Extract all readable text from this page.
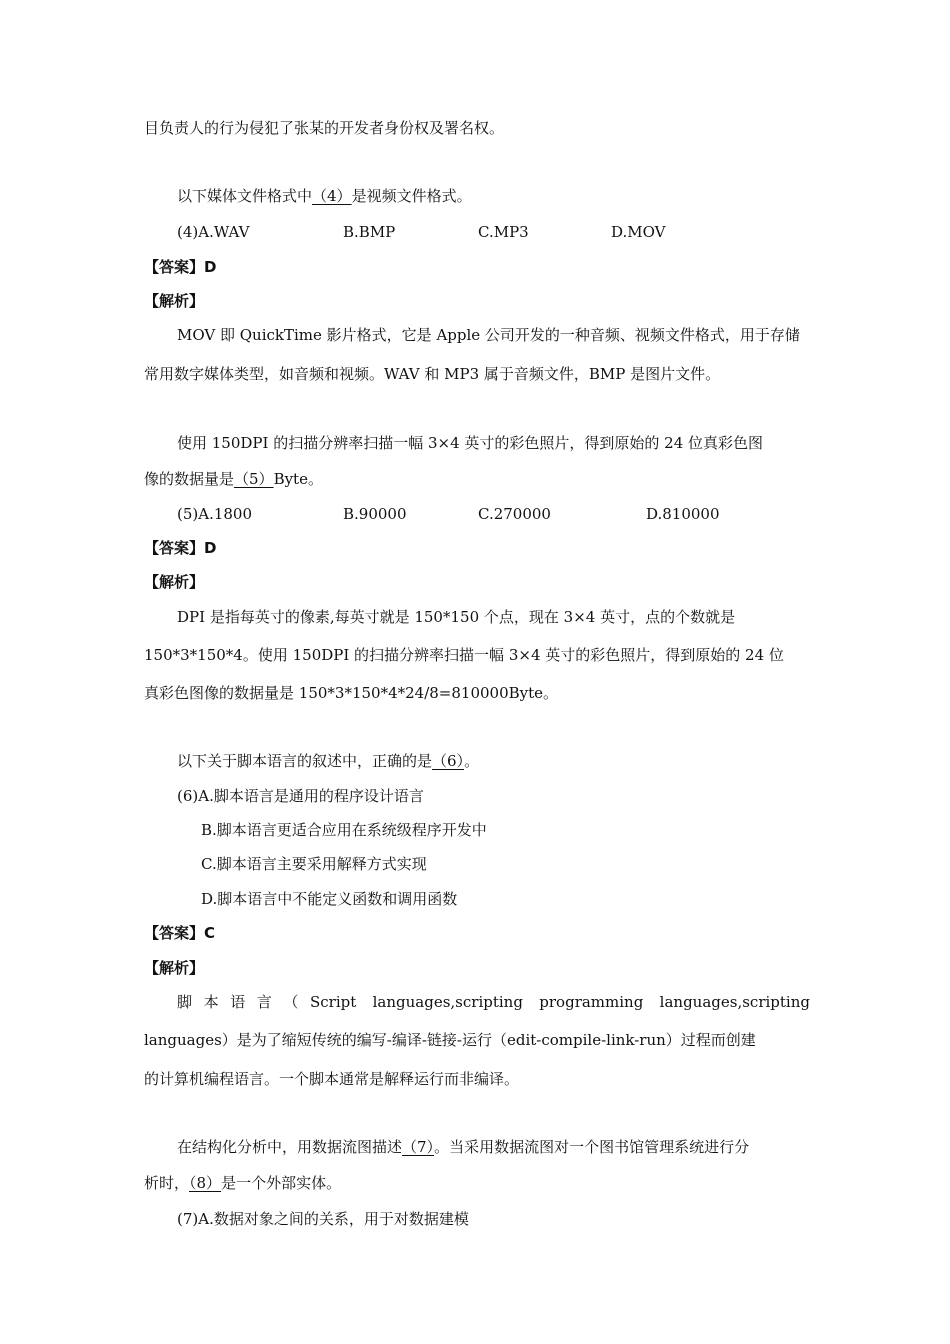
目负责人的行为侵犯了张某的开发者身份权及署名权。
以下媒体文件格式中（4）是视频文件格式。
(4)A.WAV	B.BMP	C.MP3	D.MOV
【答案】D
【解析】
MOV 即 QuickTime 影片格式，它是 Apple 公司开发的一种音频、视频文件格式，用于存储
常用数字媒体类型，如音频和视频。WAV 和 MP3 属于音频文件，BMP 是图片文件。
使用 150DPI 的扫描分辨率扫描一幅 3×4 英寸的彩色照片，得到原始的 24 位真彩色图
像的数据量是（5）Byte。
(5)A.1800	B.90000	C.270000	D.810000
【答案】D
【解析】
DPI 是指每英寸的像素,每英寸就是 150*150 个点，现在 3×4 英寸，点的个数就是
150*3*150*4。使用 150DPI 的扫描分辨率扫描一幅 3×4 英寸的彩色照片，得到原始的 24 位
真彩色图像的数据量是 150*3*150*4*24/8=810000Byte。
以下关于脚本语言的叙述中，正确的是（6）。
(6)A.脚本语言是通用的程序设计语言
B.脚本语言更适合应用在系统级程序开发中
C.脚本语言主要采用解释方式实现
D.脚本语言中不能定义函数和调用函数
【答案】C
【解析】
脚本语言（Script languages,scripting programming languages,scripting
languages）是为了缩短传统的编写-编译-链接-运行（edit-compile-link-run）过程而创建
的计算机编程语言。一个脚本通常是解释运行而非编译。
在结构化分析中，用数据流图描述（7）。当采用数据流图对一个图书馆管理系统进行分
析时，（8）是一个外部实体。
(7)A.数据对象之间的关系，用于对数据建模
